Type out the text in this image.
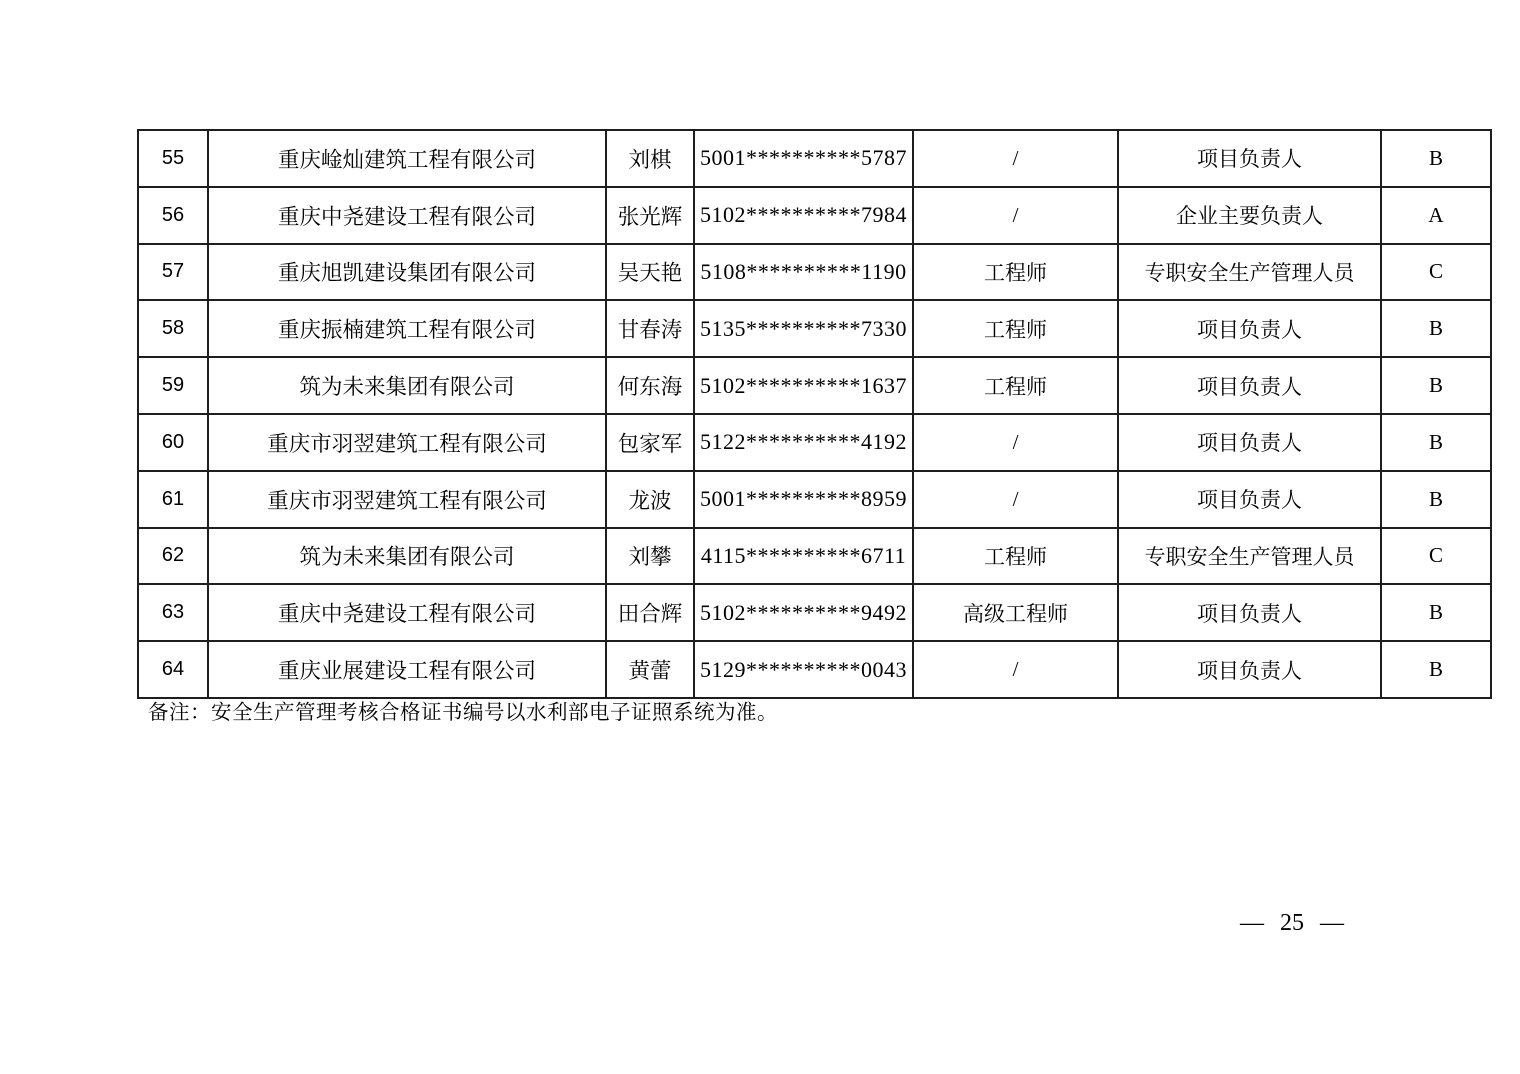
55	重庆崯灿建筑工程有限公司	刘棋	5001**********5787	/	项目负责人	B
56	重庆中尧建设工程有限公司	张光辉	5102**********7984	/	企业主要负责人	A
57	重庆旭凯建设集团有限公司	吴天艳	5108**********1190	工程师	专职安全生产管理人员	C
58	重庆振楠建筑工程有限公司	甘春涛	5135**********7330	工程师	项目负责人	B
59	筑为未来集团有限公司	何东海	5102**********1637	工程师	项目负责人	B
60	重庆市羽翌建筑工程有限公司	包家军	5122**********4192	/	项目负责人	B
61	重庆市羽翌建筑工程有限公司	龙波	5001**********8959	/	项目负责人	B
62	筑为未来集团有限公司	刘攀	4115**********6711	工程师	专职安全生产管理人员	C
63	重庆中尧建设工程有限公司	田合辉	5102**********9492	高级工程师	项目负责人	B
64	重庆业展建设工程有限公司	黄蕾	5129**********0043	/	项目负责人	B
备注：安全生产管理考核合格证书编号以水利部电子证照系统为准。
— 25 —
